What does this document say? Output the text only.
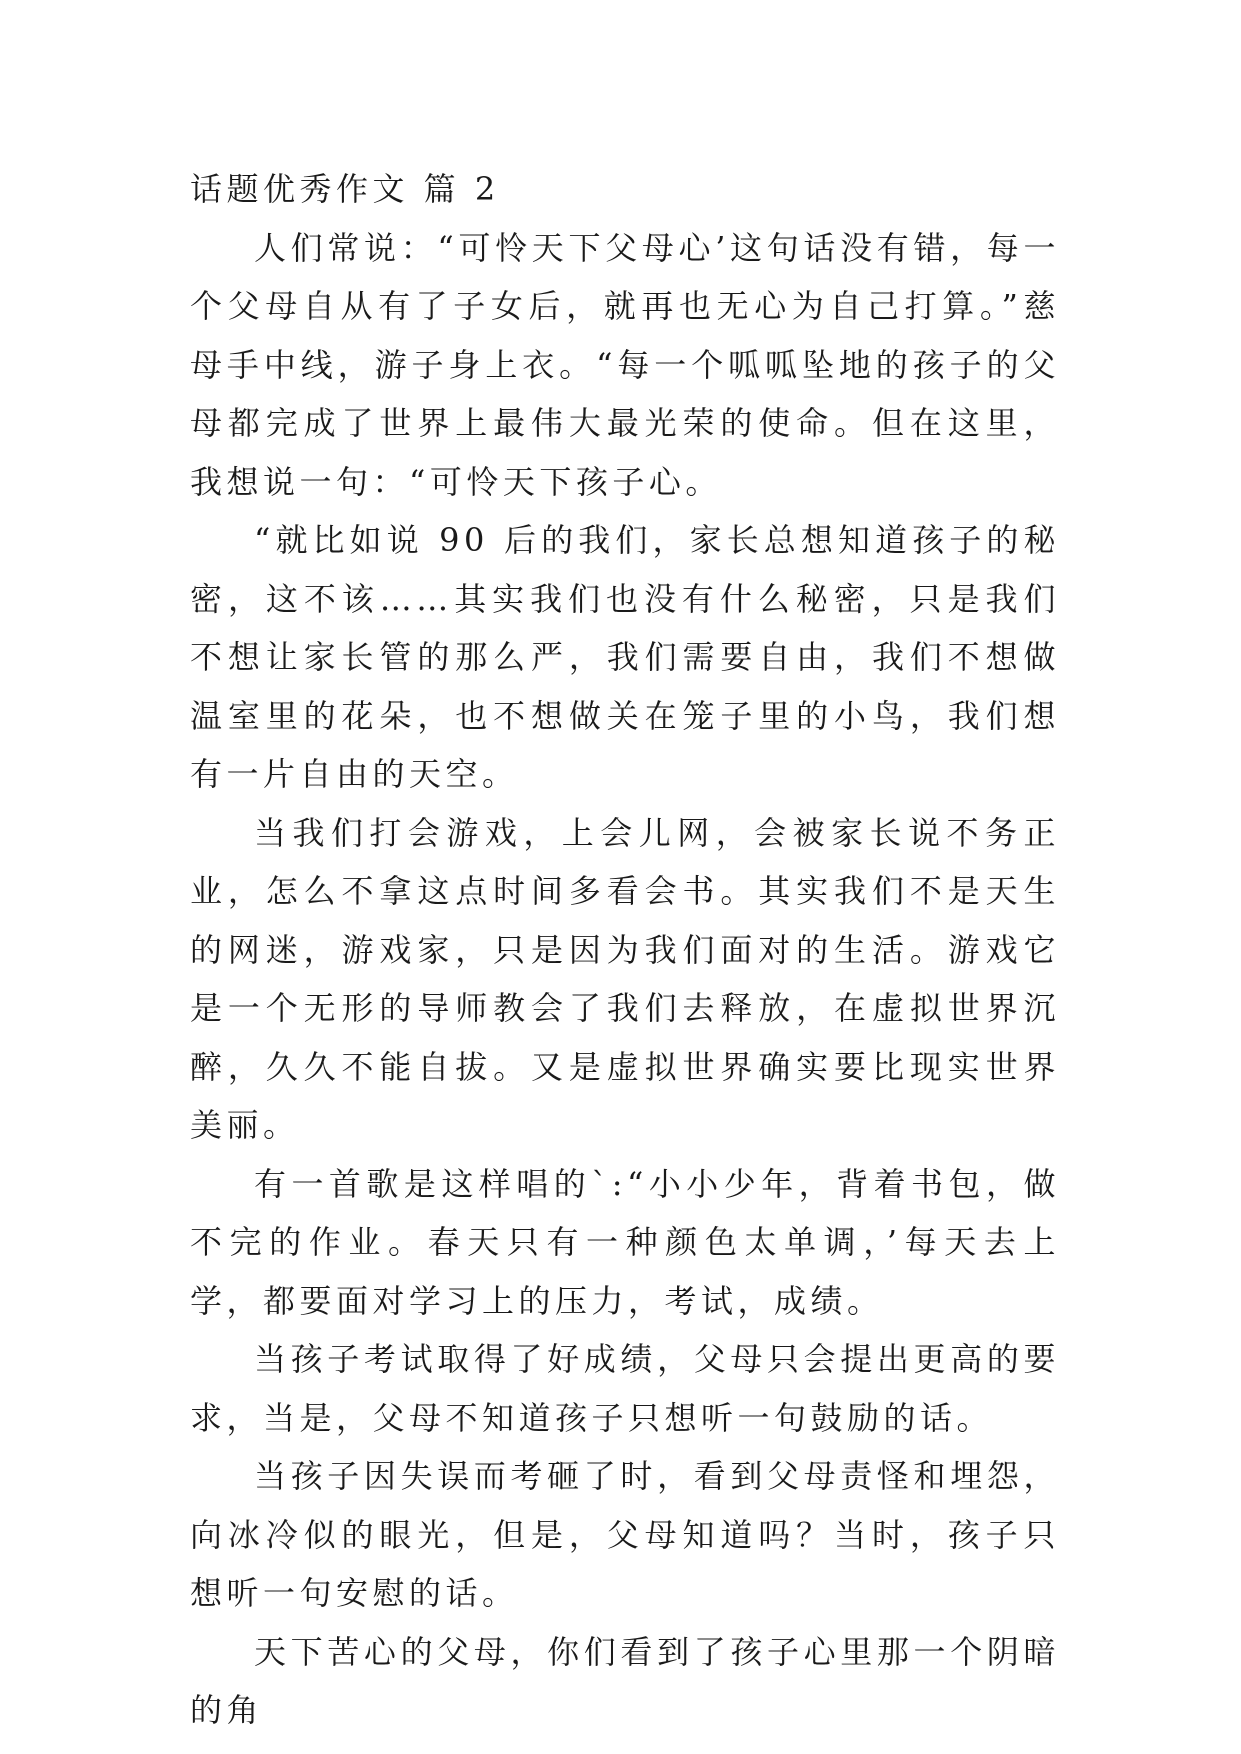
话题优秀作文 篇 2

人们常说：“可怜天下父母心’这句话没有错，每一个父母自从有了子女后，就再也无心为自己打算。”慈母手中线，游子身上衣。“每一个呱呱坠地的孩子的父母都完成了世界上最伟大最光荣的使命。但在这里，我想说一句：“可怜天下孩子心。

“就比如说 90 后的我们，家长总想知道孩子的秘密，这不该……其实我们也没有什么秘密，只是我们不想让家长管的那么严，我们需要自由，我们不想做温室里的花朵，也不想做关在笼子里的小鸟，我们想有一片自由的天空。

当我们打会游戏，上会儿网，会被家长说不务正业，怎么不拿这点时间多看会书。其实我们不是天生的网迷，游戏家，只是因为我们面对的生活。游戏它是一个无形的导师教会了我们去释放，在虚拟世界沉醉，久久不能自拔。又是虚拟世界确实要比现实世界美丽。

有一首歌是这样唱的`:“小小少年，背着书包，做不完的作业。春天只有一种颜色太单调，’每天去上学，都要面对学习上的压力，考试，成绩。

当孩子考试取得了好成绩，父母只会提出更高的要求，当是，父母不知道孩子只想听一句鼓励的话。

当孩子因失误而考砸了时，看到父母责怪和埋怨，向冰冷似的眼光，但是，父母知道吗？当时，孩子只想听一句安慰的话。

天下苦心的父母，你们看到了孩子心里那一个阴暗的角
